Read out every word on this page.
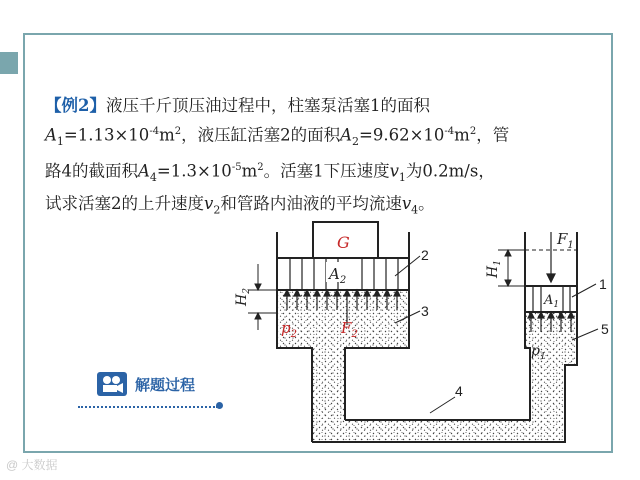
【例2】液压千斤顶压油过程中，柱塞泵活塞1的面积
$A_1=1.13\times 10^{-4}m^2$，液压缸活塞2的面积$A_2=9.62\times 10^{-4}m^2$，管
路4的截面积$A_4=1.3\times 10^{-5}m^2$。活塞1下压速度$v_1$为0.2m/s，
试求活塞2的上升速度$v_2$和管路内油液的平均流速$v_4$。
$A_2$
G
$H_2$
$p_2$	$F_2$
2
3
$F_1$
$A_1$
$H_1$
$p_1$
1
5
4
解题过程
@ 大数据
